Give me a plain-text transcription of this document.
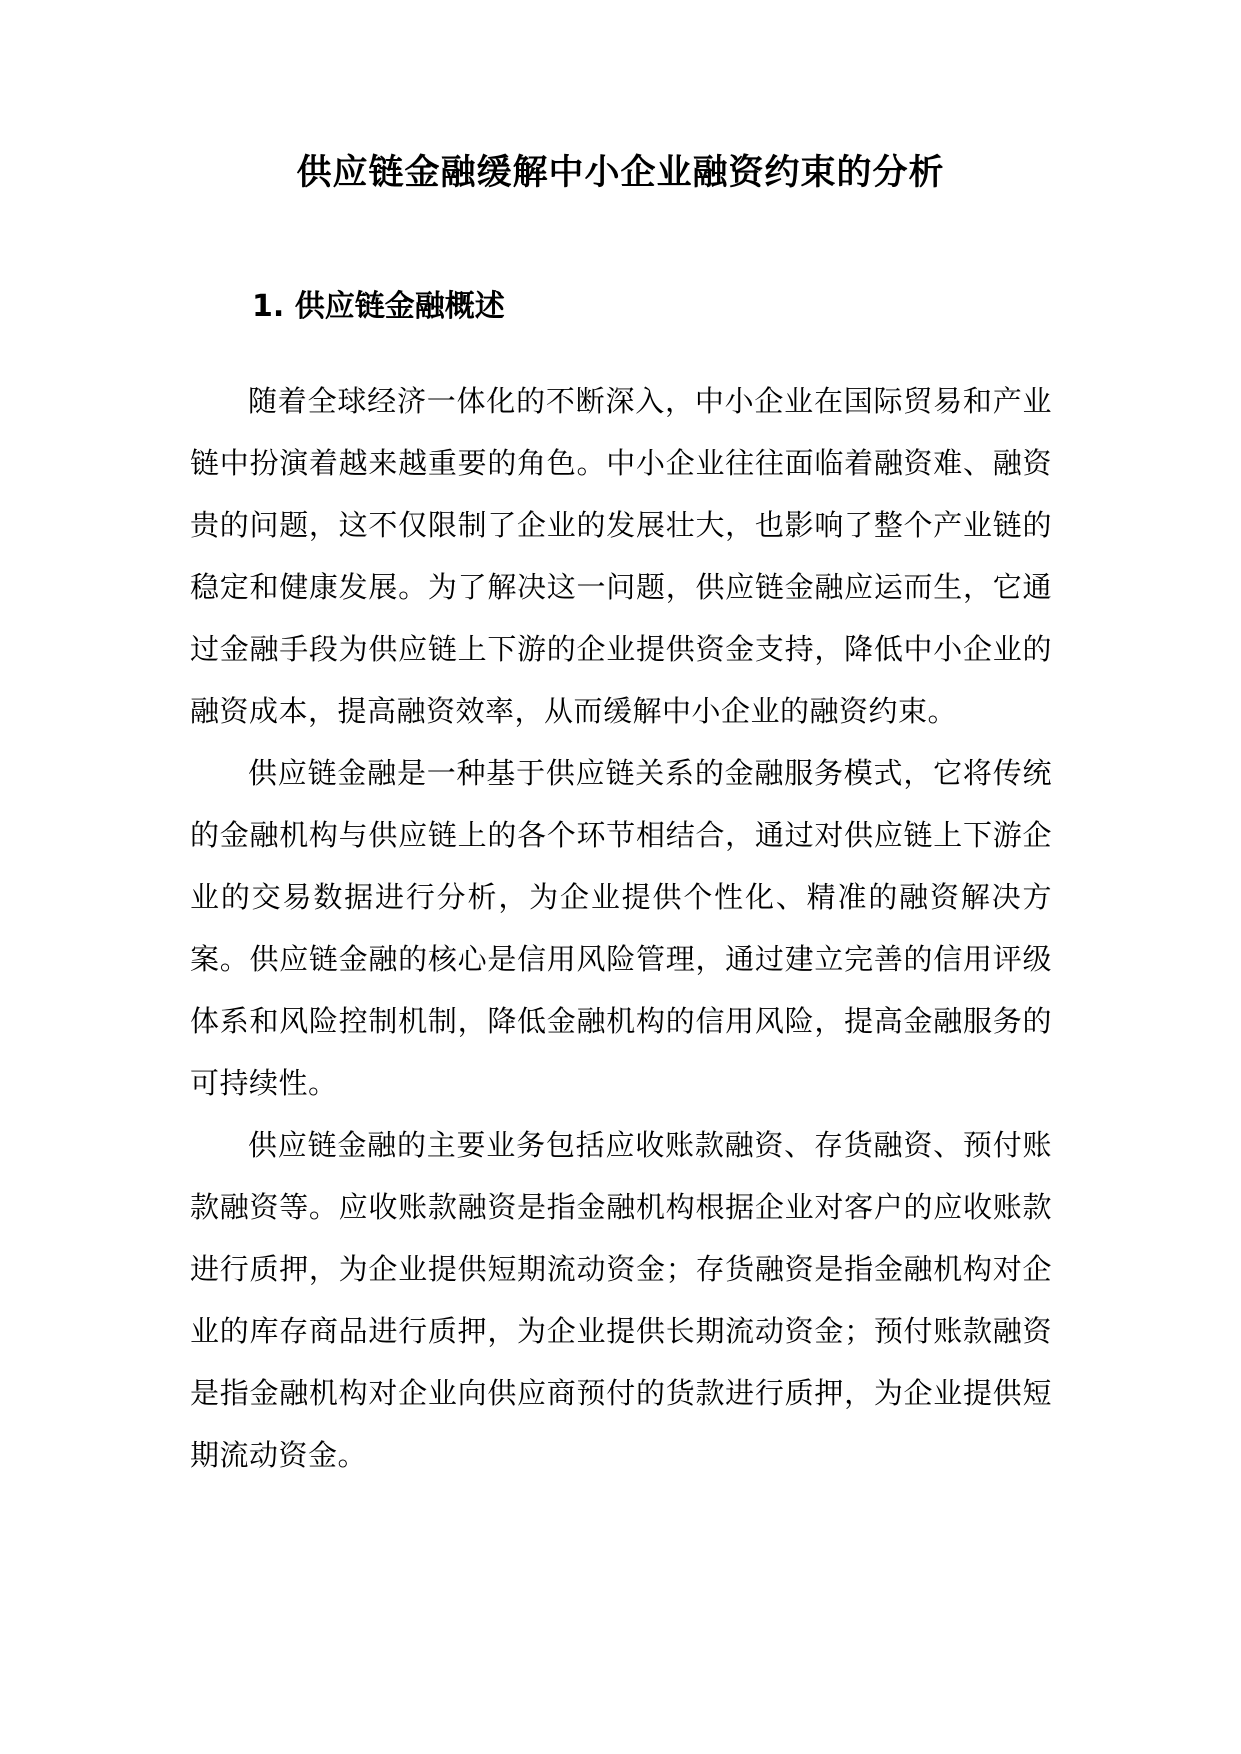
供应链金融缓解中小企业融资约束的分析
1. 供应链金融概述

随着全球经济一体化的不断深入，中小企业在国际贸易和产业链中扮演着越来越重要的角色。中小企业往往面临着融资难、融资贵的问题，这不仅限制了企业的发展壮大，也影响了整个产业链的稳定和健康发展。为了解决这一问题，供应链金融应运而生，它通过金融手段为供应链上下游的企业提供资金支持，降低中小企业的融资成本，提高融资效率，从而缓解中小企业的融资约束。

供应链金融是一种基于供应链关系的金融服务模式，它将传统的金融机构与供应链上的各个环节相结合，通过对供应链上下游企业的交易数据进行分析，为企业提供个性化、精准的融资解决方案。供应链金融的核心是信用风险管理，通过建立完善的信用评级体系和风险控制机制，降低金融机构的信用风险，提高金融服务的可持续性。

供应链金融的主要业务包括应收账款融资、存货融资、预付账款融资等。应收账款融资是指金融机构根据企业对客户的应收账款进行质押，为企业提供短期流动资金；存货融资是指金融机构对企业的库存商品进行质押，为企业提供长期流动资金；预付账款融资是指金融机构对企业向供应商预付的货款进行质押，为企业提供短期流动资金。
